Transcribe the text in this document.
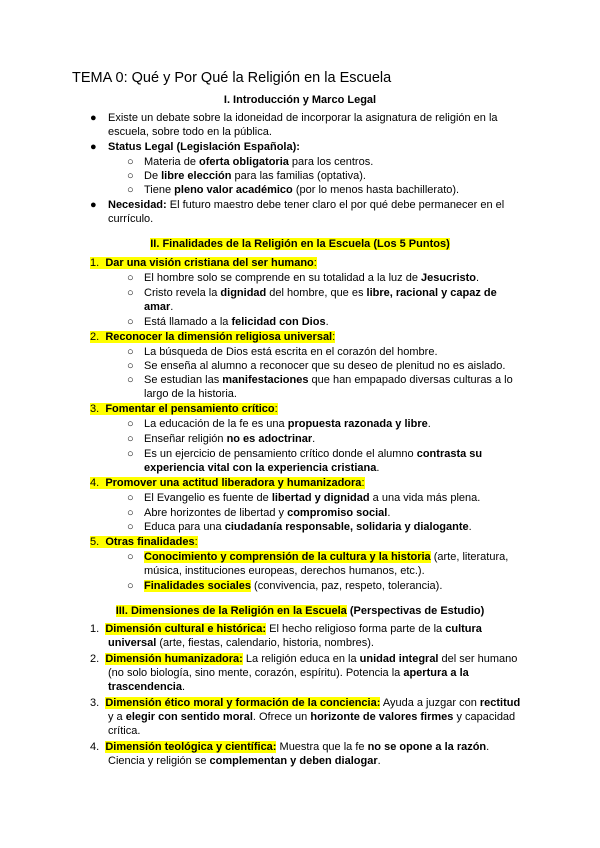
TEMA 0: Qué y Por Qué la Religión en la Escuela
I. Introducción y Marco Legal
● Existe un debate sobre la idoneidad de incorporar la asignatura de religión en la
escuela, sobre todo en la pública.
● Status Legal (Legislación Española):
○ Materia de oferta obligatoria para los centros.
○ De libre elección para las familias (optativa).
○ Tiene pleno valor académico (por lo menos hasta bachillerato).
● Necesidad: El futuro maestro debe tener claro el por qué debe permanecer en el
currículo.
II. Finalidades de la Religión en la Escuela (Los 5 Puntos)
1. Dar una visión cristiana del ser humano:
○ El hombre solo se comprende en su totalidad a la luz de Jesucristo.
○ Cristo revela la dignidad del hombre, que es libre, racional y capaz de
amar.
○ Está llamado a la felicidad con Dios.
2. Reconocer la dimensión religiosa universal:
○ La búsqueda de Dios está escrita en el corazón del hombre.
○ Se enseña al alumno a reconocer que su deseo de plenitud no es aislado.
○ Se estudian las manifestaciones que han empapado diversas culturas a lo
largo de la historia.
3. Fomentar el pensamiento crítico:
○ La educación de la fe es una propuesta razonada y libre.
○ Enseñar religión no es adoctrinar.
○ Es un ejercicio de pensamiento crítico donde el alumno contrasta su
experiencia vital con la experiencia cristiana.
4. Promover una actitud liberadora y humanizadora:
○ El Evangelio es fuente de libertad y dignidad a una vida más plena.
○ Abre horizontes de libertad y compromiso social.
○ Educa para una ciudadanía responsable, solidaria y dialogante.
5. Otras finalidades:
○ Conocimiento y comprensión de la cultura y la historia (arte, literatura,
música, instituciones europeas, derechos humanos, etc.).
○ Finalidades sociales (convivencia, paz, respeto, tolerancia).
III. Dimensiones de la Religión en la Escuela (Perspectivas de Estudio)
1. Dimensión cultural e histórica: El hecho religioso forma parte de la cultura
universal (arte, fiestas, calendario, historia, nombres).
2. Dimensión humanizadora: La religión educa en la unidad integral del ser humano
(no solo biología, sino mente, corazón, espíritu). Potencia la apertura a la
trascendencia.
3. Dimensión ético moral y formación de la conciencia: Ayuda a juzgar con rectitud
y a elegir con sentido moral. Ofrece un horizonte de valores firmes y capacidad
crítica.
4. Dimensión teológica y científica: Muestra que la fe no se opone a la razón.
Ciencia y religión se complementan y deben dialogar.
